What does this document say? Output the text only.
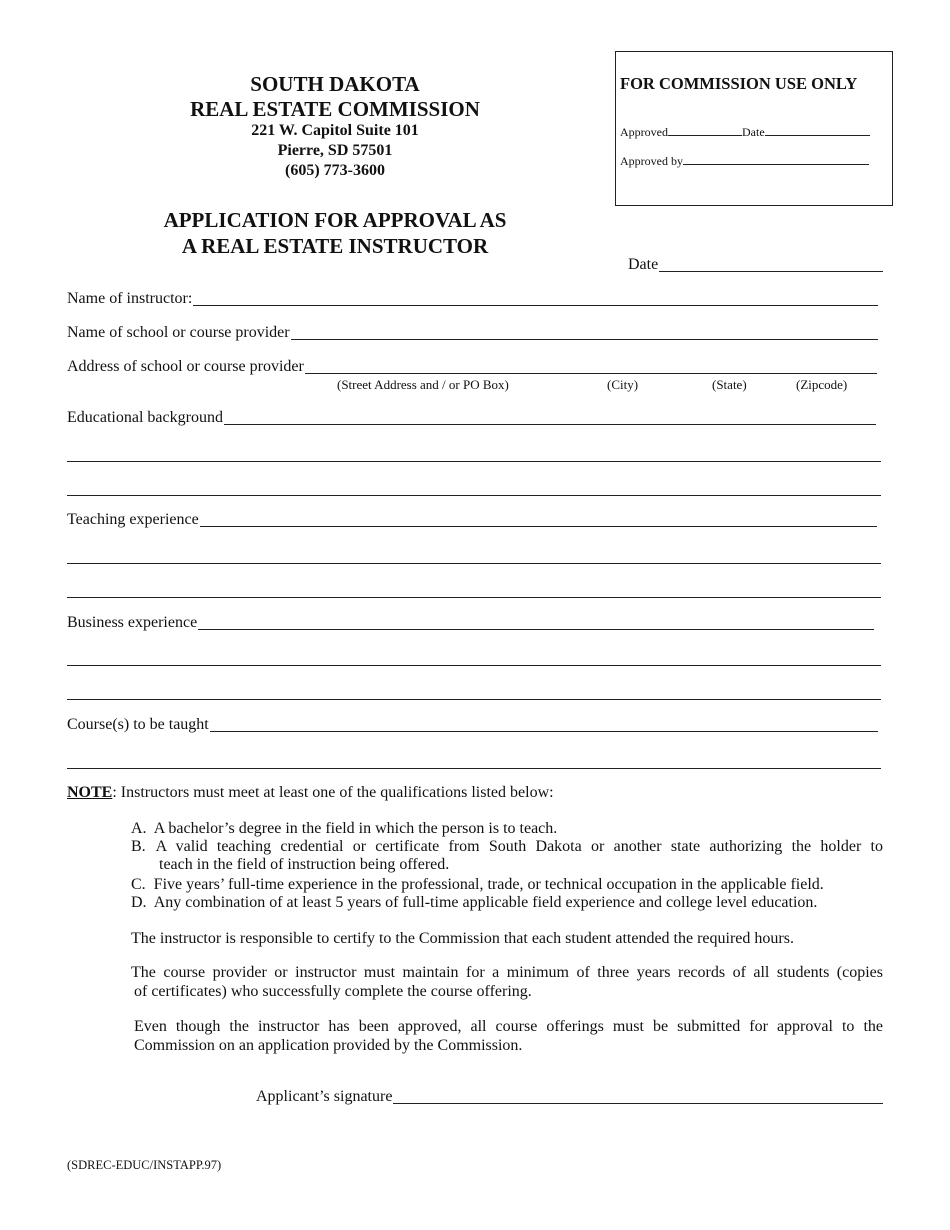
SOUTH DAKOTA
REAL ESTATE COMMISSION
221 W. Capitol Suite 101
Pierre, SD 57501
(605) 773-3600
APPLICATION FOR APPROVAL AS
A REAL ESTATE INSTRUCTOR
FOR COMMISSION USE ONLY
Approved	Date
Approved by
Date
Name of instructor:
Name of school or course provider
Address of school or course provider
(Street Address and / or PO Box)	(City)	(State)	(Zipcode)
Educational background
Teaching experience
Business experience
Course(s) to be taught
NOTE: Instructors must meet at least one of the qualifications listed below:
A. A bachelor’s degree in the field in which the person is to teach.
B. A valid teaching credential or certificate from South Dakota or another state authorizing the holder to
teach in the field of instruction being offered.
C. Five years’ full-time experience in the professional, trade, or technical occupation in the applicable field.
D. Any combination of at least 5 years of full-time applicable field experience and college level education.
The instructor is responsible to certify to the Commission that each student attended the required hours.
The course provider or instructor must maintain for a minimum of three years records of all students (copies
of certificates) who successfully complete the course offering.
Even though the instructor has been approved, all course offerings must be submitted for approval to the
Commission on an application provided by the Commission.
Applicant’s signature
(SDREC-EDUC/INSTAPP.97)
